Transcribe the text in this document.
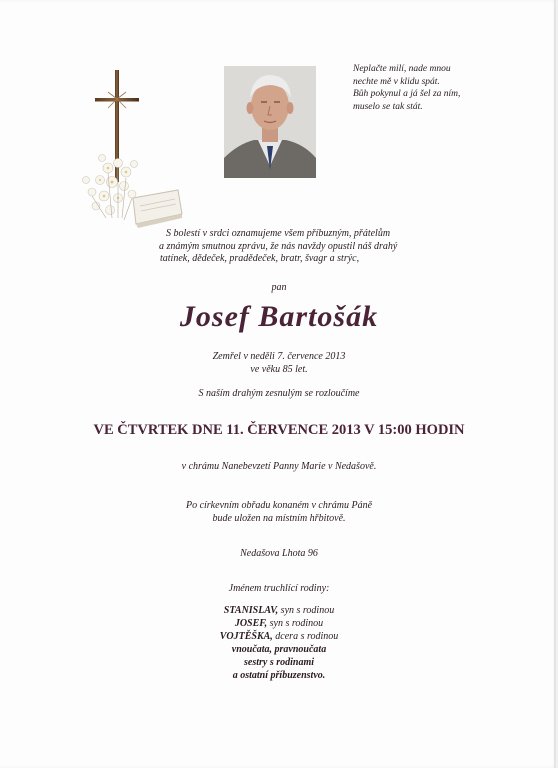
Neplačte milí, nade mnou
nechte mě v klidu spát.
Bůh pokynul a já šel za ním,
muselo se tak stát.
S bolestí v srdci oznamujeme všem příbuzným, přátelům
a známým smutnou zprávu, že nás navždy opustil náš drahý
tatínek, dědeček, pradědeček, bratr, švagr a strýc,
pan
Josef Bartošák
Zemřel v neděli 7. července 2013
ve věku 85 let.
S naším drahým zesnulým se rozloučíme
VE ČTVRTEK DNE 11. ČERVENCE 2013 V 15:00 HODIN
v chrámu Nanebevzetí Panny Marie v Nedašově.
Po církevním obřadu konaném v chrámu Páně
bude uložen na místním hřbitově.
Nedašova Lhota 96
Jménem truchlící rodiny:
STANISLAV, syn s rodinou
JOSEF, syn s rodinou
VOJTĚŠKA, dcera s rodinou
vnoučata, pravnoučata
sestry s rodinami
a ostatní příbuzenstvo.
